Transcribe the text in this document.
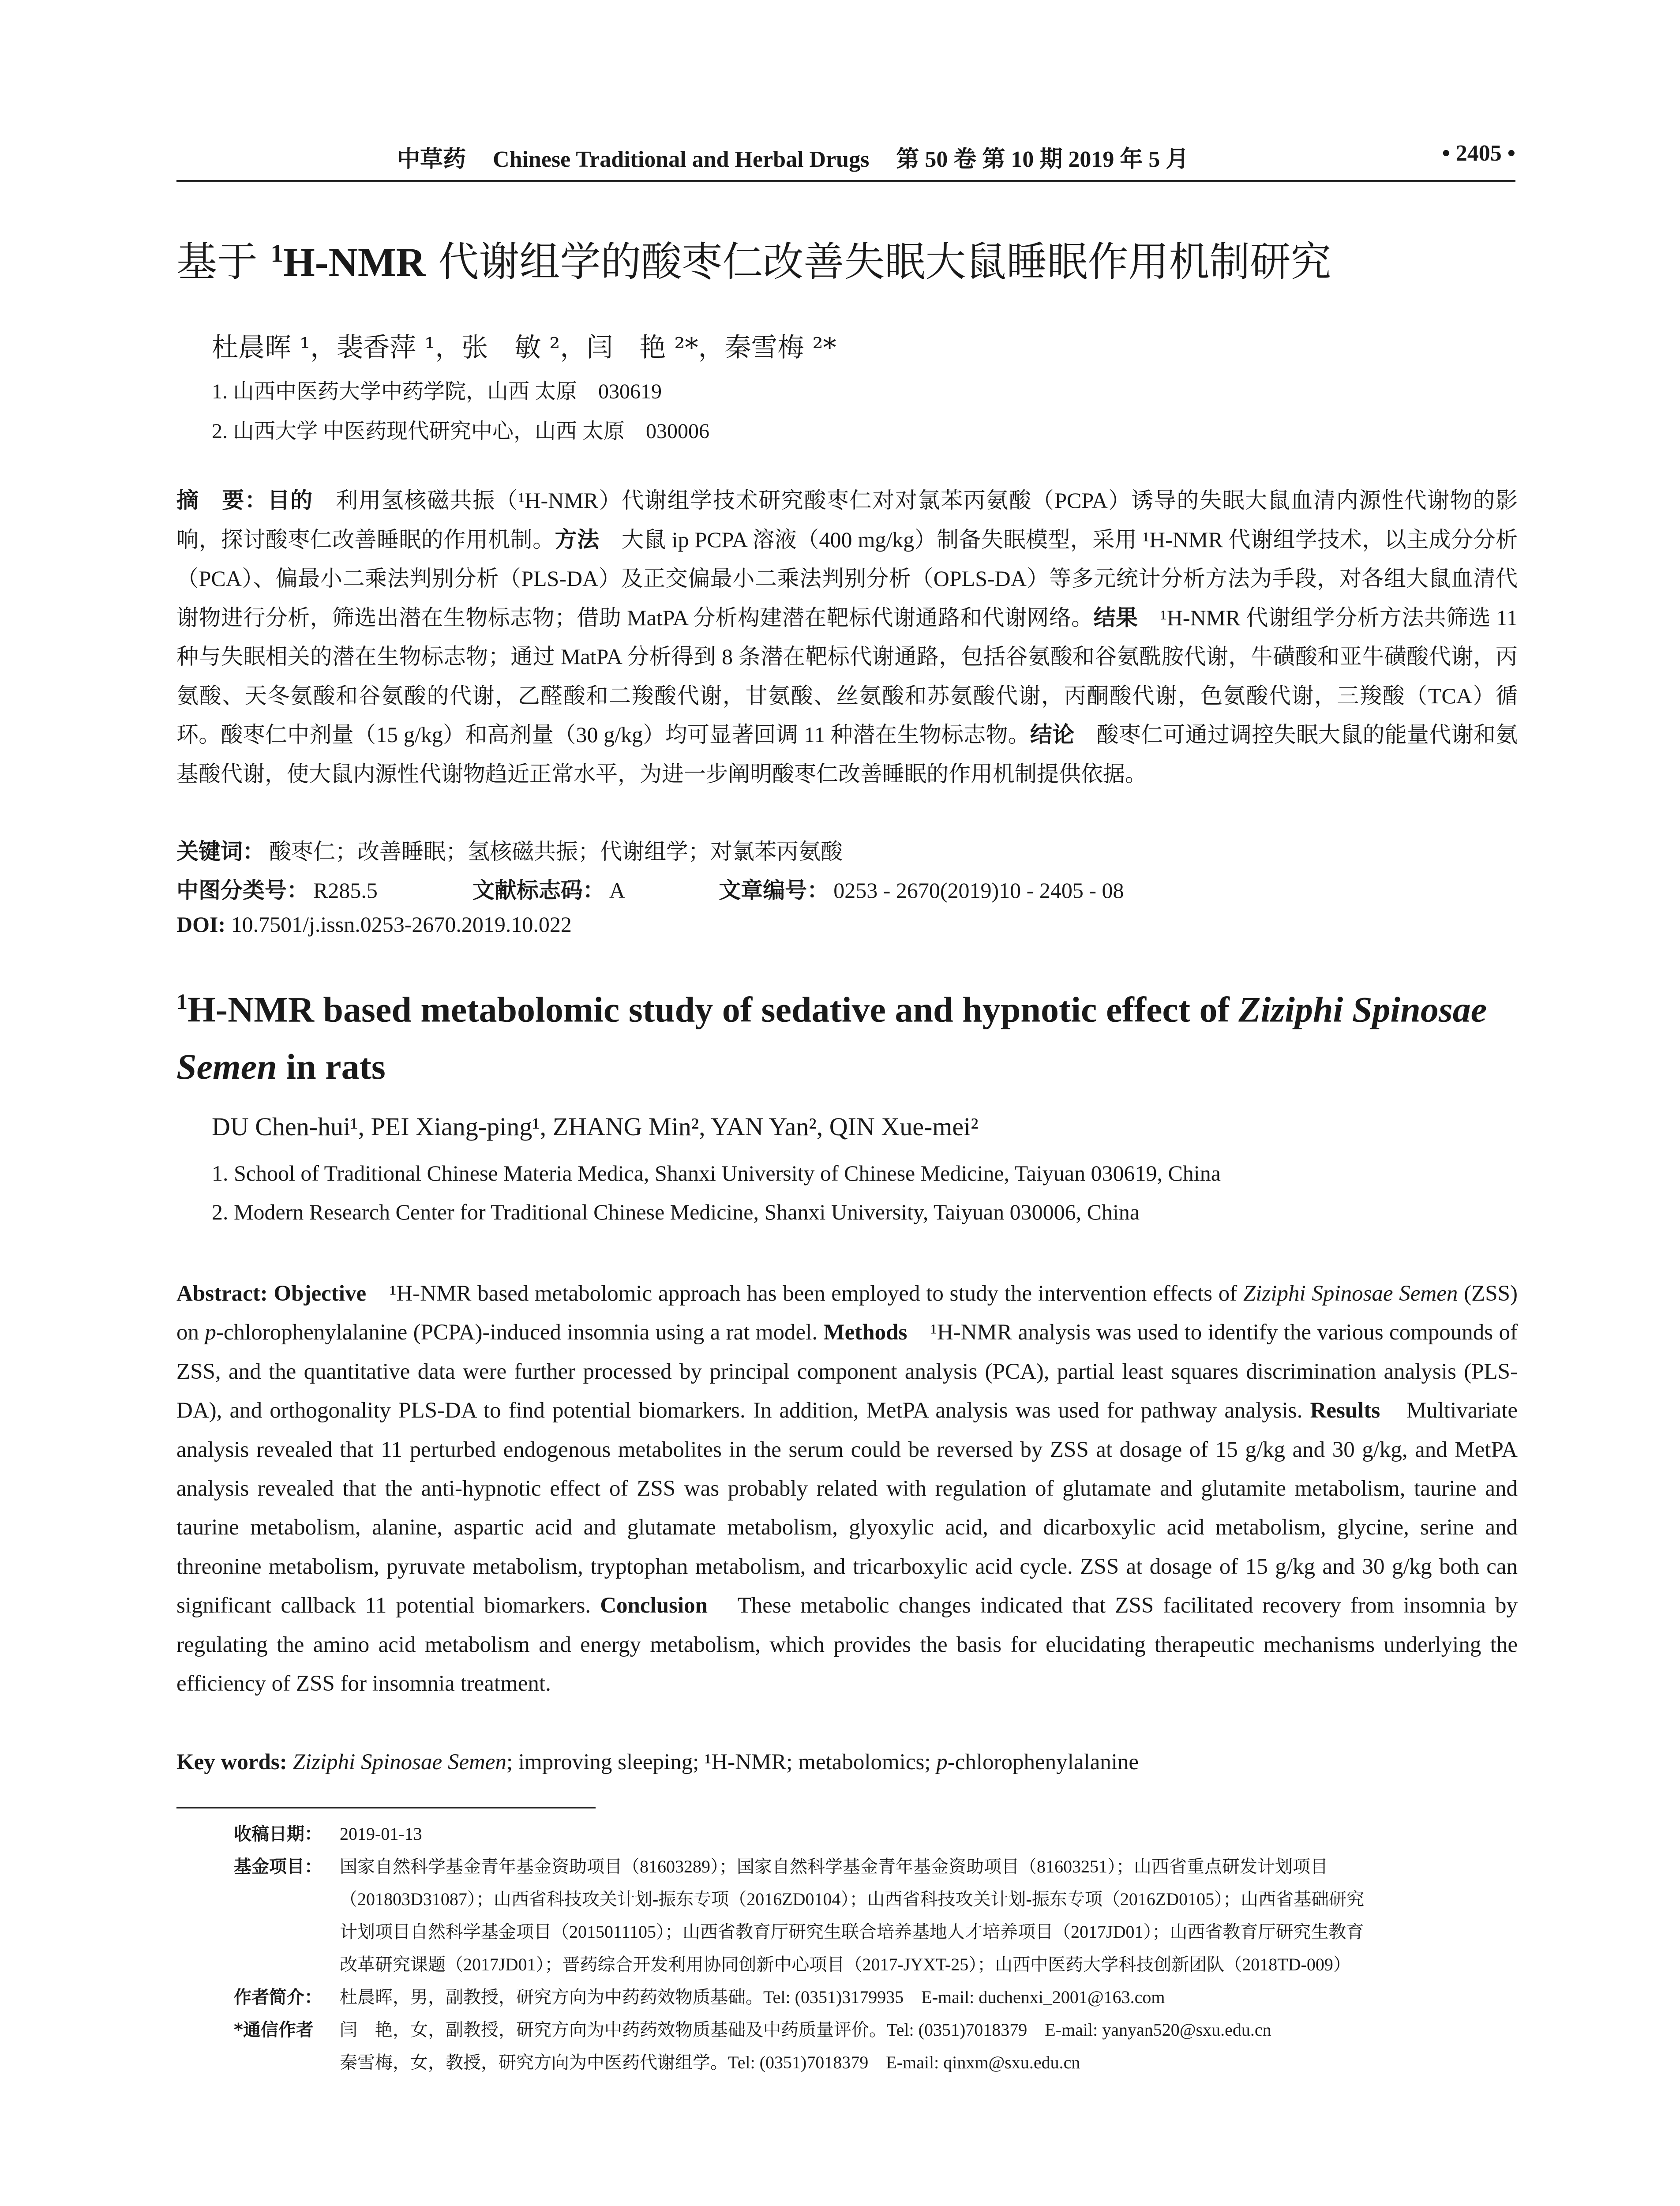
中草药 Chinese Traditional and Herbal Drugs 第 50 卷 第 10 期 2019 年 5 月	• 2405 •
基于 $^1$H-NMR 代谢组学的酸枣仁改善失眠大鼠睡眠作用机制研究
杜晨晖 ¹，裴香萍 ¹，张　敏 ²，闫　艳 ²*，秦雪梅 ²*
1. 山西中医药大学中药学院，山西 太原　030619
2. 山西大学 中医药现代研究中心，山西 太原　030006
摘　要：目的　利用氢核磁共振（¹H-NMR）代谢组学技术研究酸枣仁对对氯苯丙氨酸（PCPA）诱导的失眠大鼠血清内源性代谢物的影响，探讨酸枣仁改善睡眠的作用机制。方法　大鼠 ip PCPA 溶液（400 mg/kg）制备失眠模型，采用 ¹H-NMR 代谢组学技术，以主成分分析（PCA）、偏最小二乘法判别分析（PLS-DA）及正交偏最小二乘法判别分析（OPLS-DA）等多元统计分析方法为手段，对各组大鼠血清代谢物进行分析，筛选出潜在生物标志物；借助 MatPA 分析构建潜在靶标代谢通路和代谢网络。结果　¹H-NMR 代谢组学分析方法共筛选 11 种与失眠相关的潜在生物标志物；通过 MatPA 分析得到 8 条潜在靶标代谢通路，包括谷氨酸和谷氨酰胺代谢，牛磺酸和亚牛磺酸代谢，丙氨酸、天冬氨酸和谷氨酸的代谢，乙醛酸和二羧酸代谢，甘氨酸、丝氨酸和苏氨酸代谢，丙酮酸代谢，色氨酸代谢，三羧酸（TCA）循环。酸枣仁中剂量（15 g/kg）和高剂量（30 g/kg）均可显著回调 11 种潜在生物标志物。结论　酸枣仁可通过调控失眠大鼠的能量代谢和氨基酸代谢，使大鼠内源性代谢物趋近正常水平，为进一步阐明酸枣仁改善睡眠的作用机制提供依据。
关键词： 酸枣仁；改善睡眠；氢核磁共振；代谢组学；对氯苯丙氨酸
中图分类号： R285.5	文献标志码： A	文章编号： 0253 - 2670(2019)10 - 2405 - 08
DOI: 10.7501/j.issn.0253-2670.2019.10.022
$^1$H-NMR based metabolomic study of sedative and hypnotic effect of Ziziphi Spinosae Semen in rats
DU Chen-hui¹, PEI Xiang-ping¹, ZHANG Min², YAN Yan², QIN Xue-mei²
1. School of Traditional Chinese Materia Medica, Shanxi University of Chinese Medicine, Taiyuan 030619, China
2. Modern Research Center for Traditional Chinese Medicine, Shanxi University, Taiyuan 030006, China
Abstract: Objective　¹H-NMR based metabolomic approach has been employed to study the intervention effects of Ziziphi Spinosae Semen (ZSS) on p-chlorophenylalanine (PCPA)-induced insomnia using a rat model. Methods　¹H-NMR analysis was used to identify the various compounds of ZSS, and the quantitative data were further processed by principal component analysis (PCA), partial least squares discrimination analysis (PLS-DA), and orthogonality PLS-DA to find potential biomarkers. In addition, MetPA analysis was used for pathway analysis. Results　Multivariate analysis revealed that 11 perturbed endogenous metabolites in the serum could be reversed by ZSS at dosage of 15 g/kg and 30 g/kg, and MetPA analysis revealed that the anti-hypnotic effect of ZSS was probably related with regulation of glutamate and glutamite metabolism, taurine and taurine metabolism, alanine, aspartic acid and glutamate metabolism, glyoxylic acid, and dicarboxylic acid metabolism, glycine, serine and threonine metabolism, pyruvate metabolism, tryptophan metabolism, and tricarboxylic acid cycle. ZSS at dosage of 15 g/kg and 30 g/kg both can significant callback 11 potential biomarkers. Conclusion　These metabolic changes indicated that ZSS facilitated recovery from insomnia by regulating the amino acid metabolism and energy metabolism, which provides the basis for elucidating therapeutic mechanisms underlying the efficiency of ZSS for insomnia treatment.
Key words: Ziziphi Spinosae Semen; improving sleeping; ¹H-NMR; metabolomics; p-chlorophenylalanine
收稿日期： 2019-01-13
基金项目： 国家自然科学基金青年基金资助项目（81603289）；国家自然科学基金青年基金资助项目（81603251）；山西省重点研发计划项目
（201803D31087）；山西省科技攻关计划-振东专项（2016ZD0104）；山西省科技攻关计划-振东专项（2016ZD0105）；山西省基础研究
计划项目自然科学基金项目（2015011105）；山西省教育厅研究生联合培养基地人才培养项目（2017JD01）；山西省教育厅研究生教育
改革研究课题（2017JD01）；晋药综合开发利用协同创新中心项目（2017-JYXT-25）；山西中医药大学科技创新团队（2018TD-009）
作者简介： 杜晨晖，男，副教授，研究方向为中药药效物质基础。Tel: (0351)3179935　E-mail: duchenxi_2001@163.com
*通信作者 闫　艳，女，副教授，研究方向为中药药效物质基础及中药质量评价。Tel: (0351)7018379　E-mail: yanyan520@sxu.edu.cn
秦雪梅，女，教授，研究方向为中医药代谢组学。Tel: (0351)7018379　E-mail: qinxm@sxu.edu.cn
